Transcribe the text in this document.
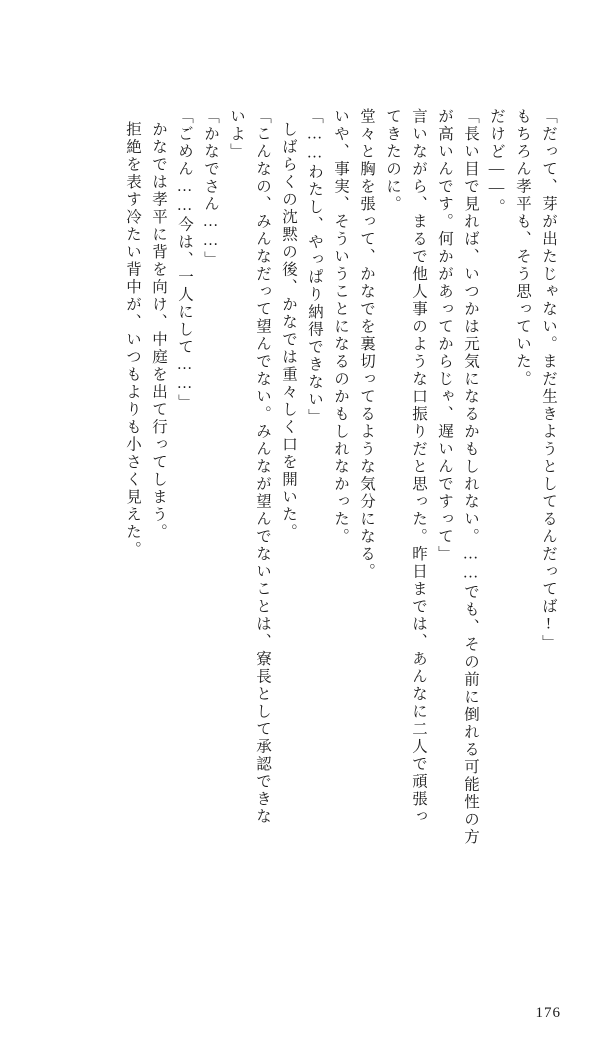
「だって、芽が出たじゃない。まだ生きようとしてるんだってば!」
もちろん孝平も、そう思っていた。
だけど――。
「長い目で見れば、いつかは元気になるかもしれない。……でも、その前に倒れる可能性の方
が高いんです。何かがあってからじゃ、遅いんですって」
言いながら、まるで他人事のような口振りだと思った。昨日までは、あんなに二人で頑張っ
てきたのに。
堂々と胸を張って、かなでを裏切ってるような気分になる。
いや、事実、そういうことになるのかもしれなかった。
「……わたし、やっぱり納得できない」
しばらくの沈黙の後、かなでは重々しく口を開いた。
「こんなの、みんなだって望んでない。みんなが望んでないことは、寮長として承認できな
いよ」
「かなでさん……」
「ごめん……今は、一人にして……」
かなでは孝平に背を向け、中庭を出て行ってしまう。
拒絶を表す冷たい背中が、いつもよりも小さく見えた。
176
